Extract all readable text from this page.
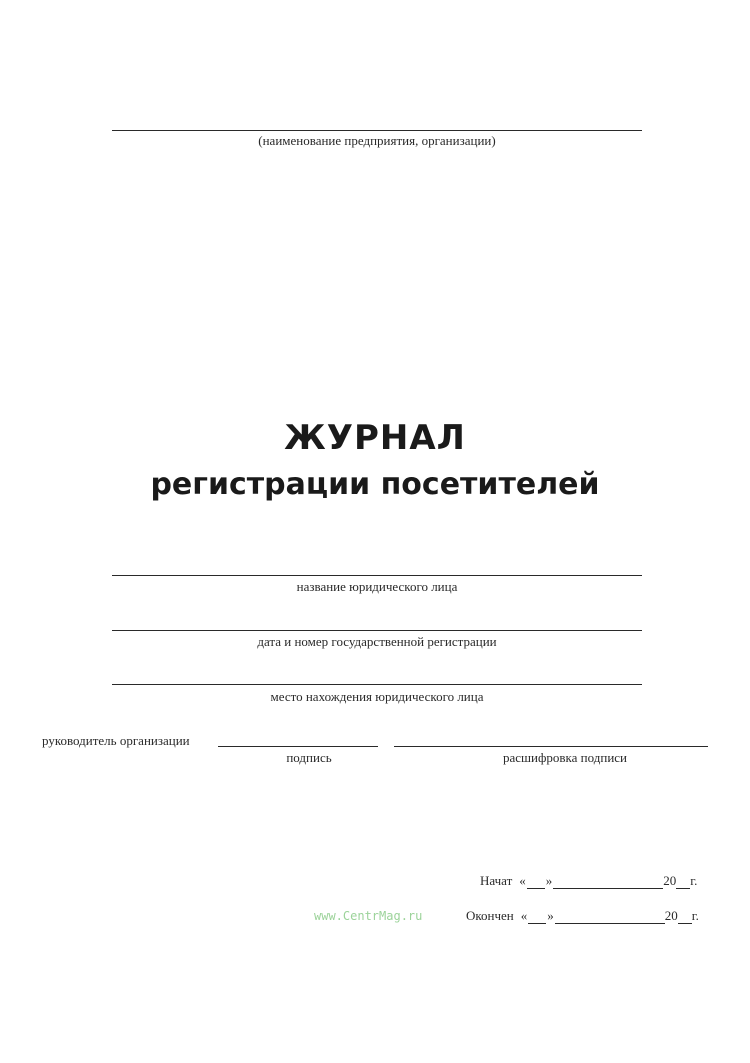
(наименование предприятия, организации)
ЖУРНАЛ
регистрации посетителей
название юридического лица
дата и номер государственной регистрации
место нахождения юридического лица
руководитель организации
подпись	расшифровка подписи
Начат « »	20 г.
Окончен « »	20 г.
www.CentrMag.ru
